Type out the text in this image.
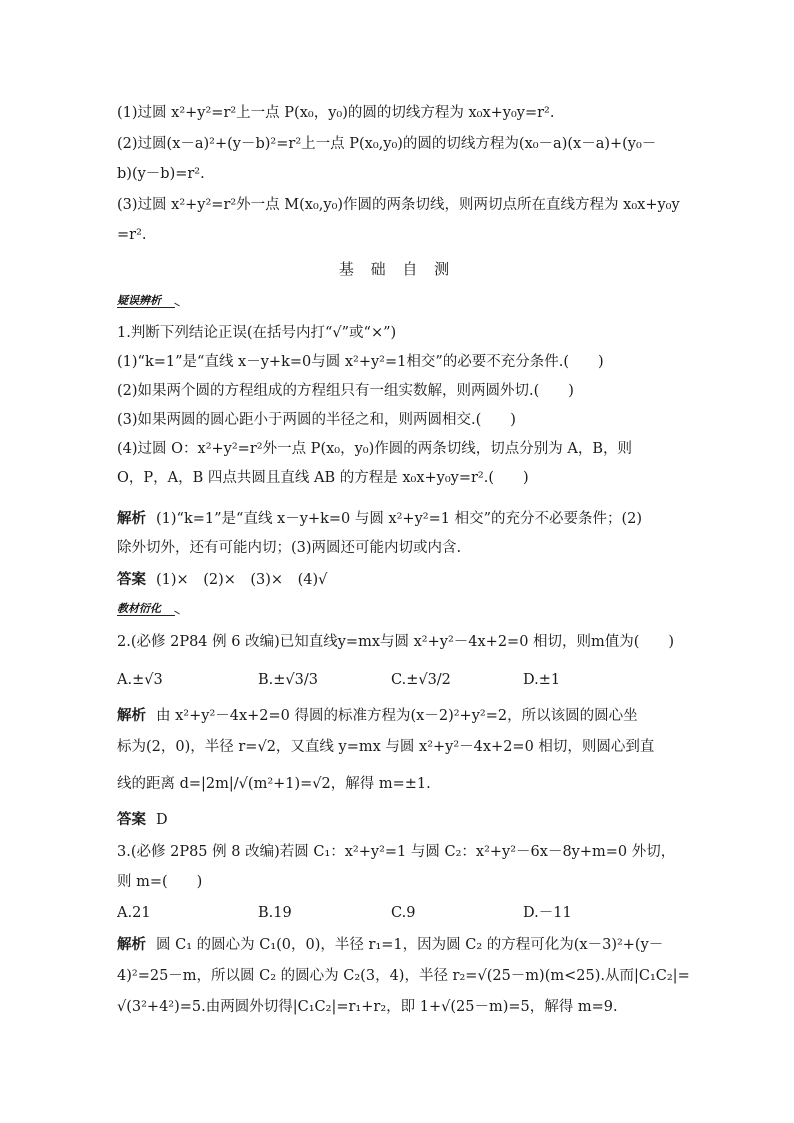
(1)过圆 x²+y²=r²上一点 P(x₀，y₀)的圆的切线方程为 x₀x+y₀y=r².
(2)过圆(x－a)²+(y－b)²=r²上一点 P(x₀,y₀)的圆的切线方程为(x₀－a)(x－a)+(y₀－
b)(y－b)=r².
(3)过圆 x²+y²=r²外一点 M(x₀,y₀)作圆的两条切线，则两切点所在直线方程为 x₀x+y₀y
=r².
基 础 自 测
疑误辨析
1.判断下列结论正误(在括号内打“√”或“×”)
(1)“k=1”是“直线 x－y+k=0与圆 x²+y²=1相交”的必要不充分条件.(　　)
(2)如果两个圆的方程组成的方程组只有一组实数解，则两圆外切.(　　)
(3)如果两圆的圆心距小于两圆的半径之和，则两圆相交.(　　)
(4)过圆 O：x²+y²=r²外一点 P(x₀，y₀)作圆的两条切线，切点分别为 A，B，则
O，P，A，B 四点共圆且直线 AB 的方程是 x₀x+y₀y=r².(　　)
解析 (1)“k=1”是“直线 x－y+k=0 与圆 x²+y²=1 相交”的充分不必要条件；(2)
除外切外，还有可能内切；(3)两圆还可能内切或内含.
答案 (1)×　(2)×　(3)×　(4)√
教材衍化
2.(必修 2P84 例 6 改编)已知直线y=mx与圆 x²+y²－4x+2=0 相切，则m值为(　　)
A. ±√3	B. ±√3/3	C. ±√3/2	D. ±1
解析 由 x²+y²－4x+2=0 得圆的标准方程为(x－2)²+y²=2，所以该圆的圆心坐
标为(2，0)，半径 r=√2，又直线 y=mx 与圆 x²+y²－4x+2=0 相切，则圆心到直
线的距离 d=|2m|/√(m²+1)=√2，解得 m=±1.
答案 D
3.(必修 2P85 例 8 改编)若圆 C₁：x²+y²=1 与圆 C₂：x²+y²－6x－8y+m=0 外切，
则 m=(　　)
A. 21	B. 19	C. 9	D. －11
解析 圆 C₁ 的圆心为 C₁(0，0)，半径 r₁=1，因为圆 C₂ 的方程可化为(x－3)²+(y－
4)²=25－m，所以圆 C₂ 的圆心为 C₂(3，4)，半径 r₂=√(25－m)(m<25).从而|C₁C₂|=
√(3²+4²)=5.由两圆外切得|C₁C₂|=r₁+r₂，即 1+√(25－m)=5，解得 m=9.
